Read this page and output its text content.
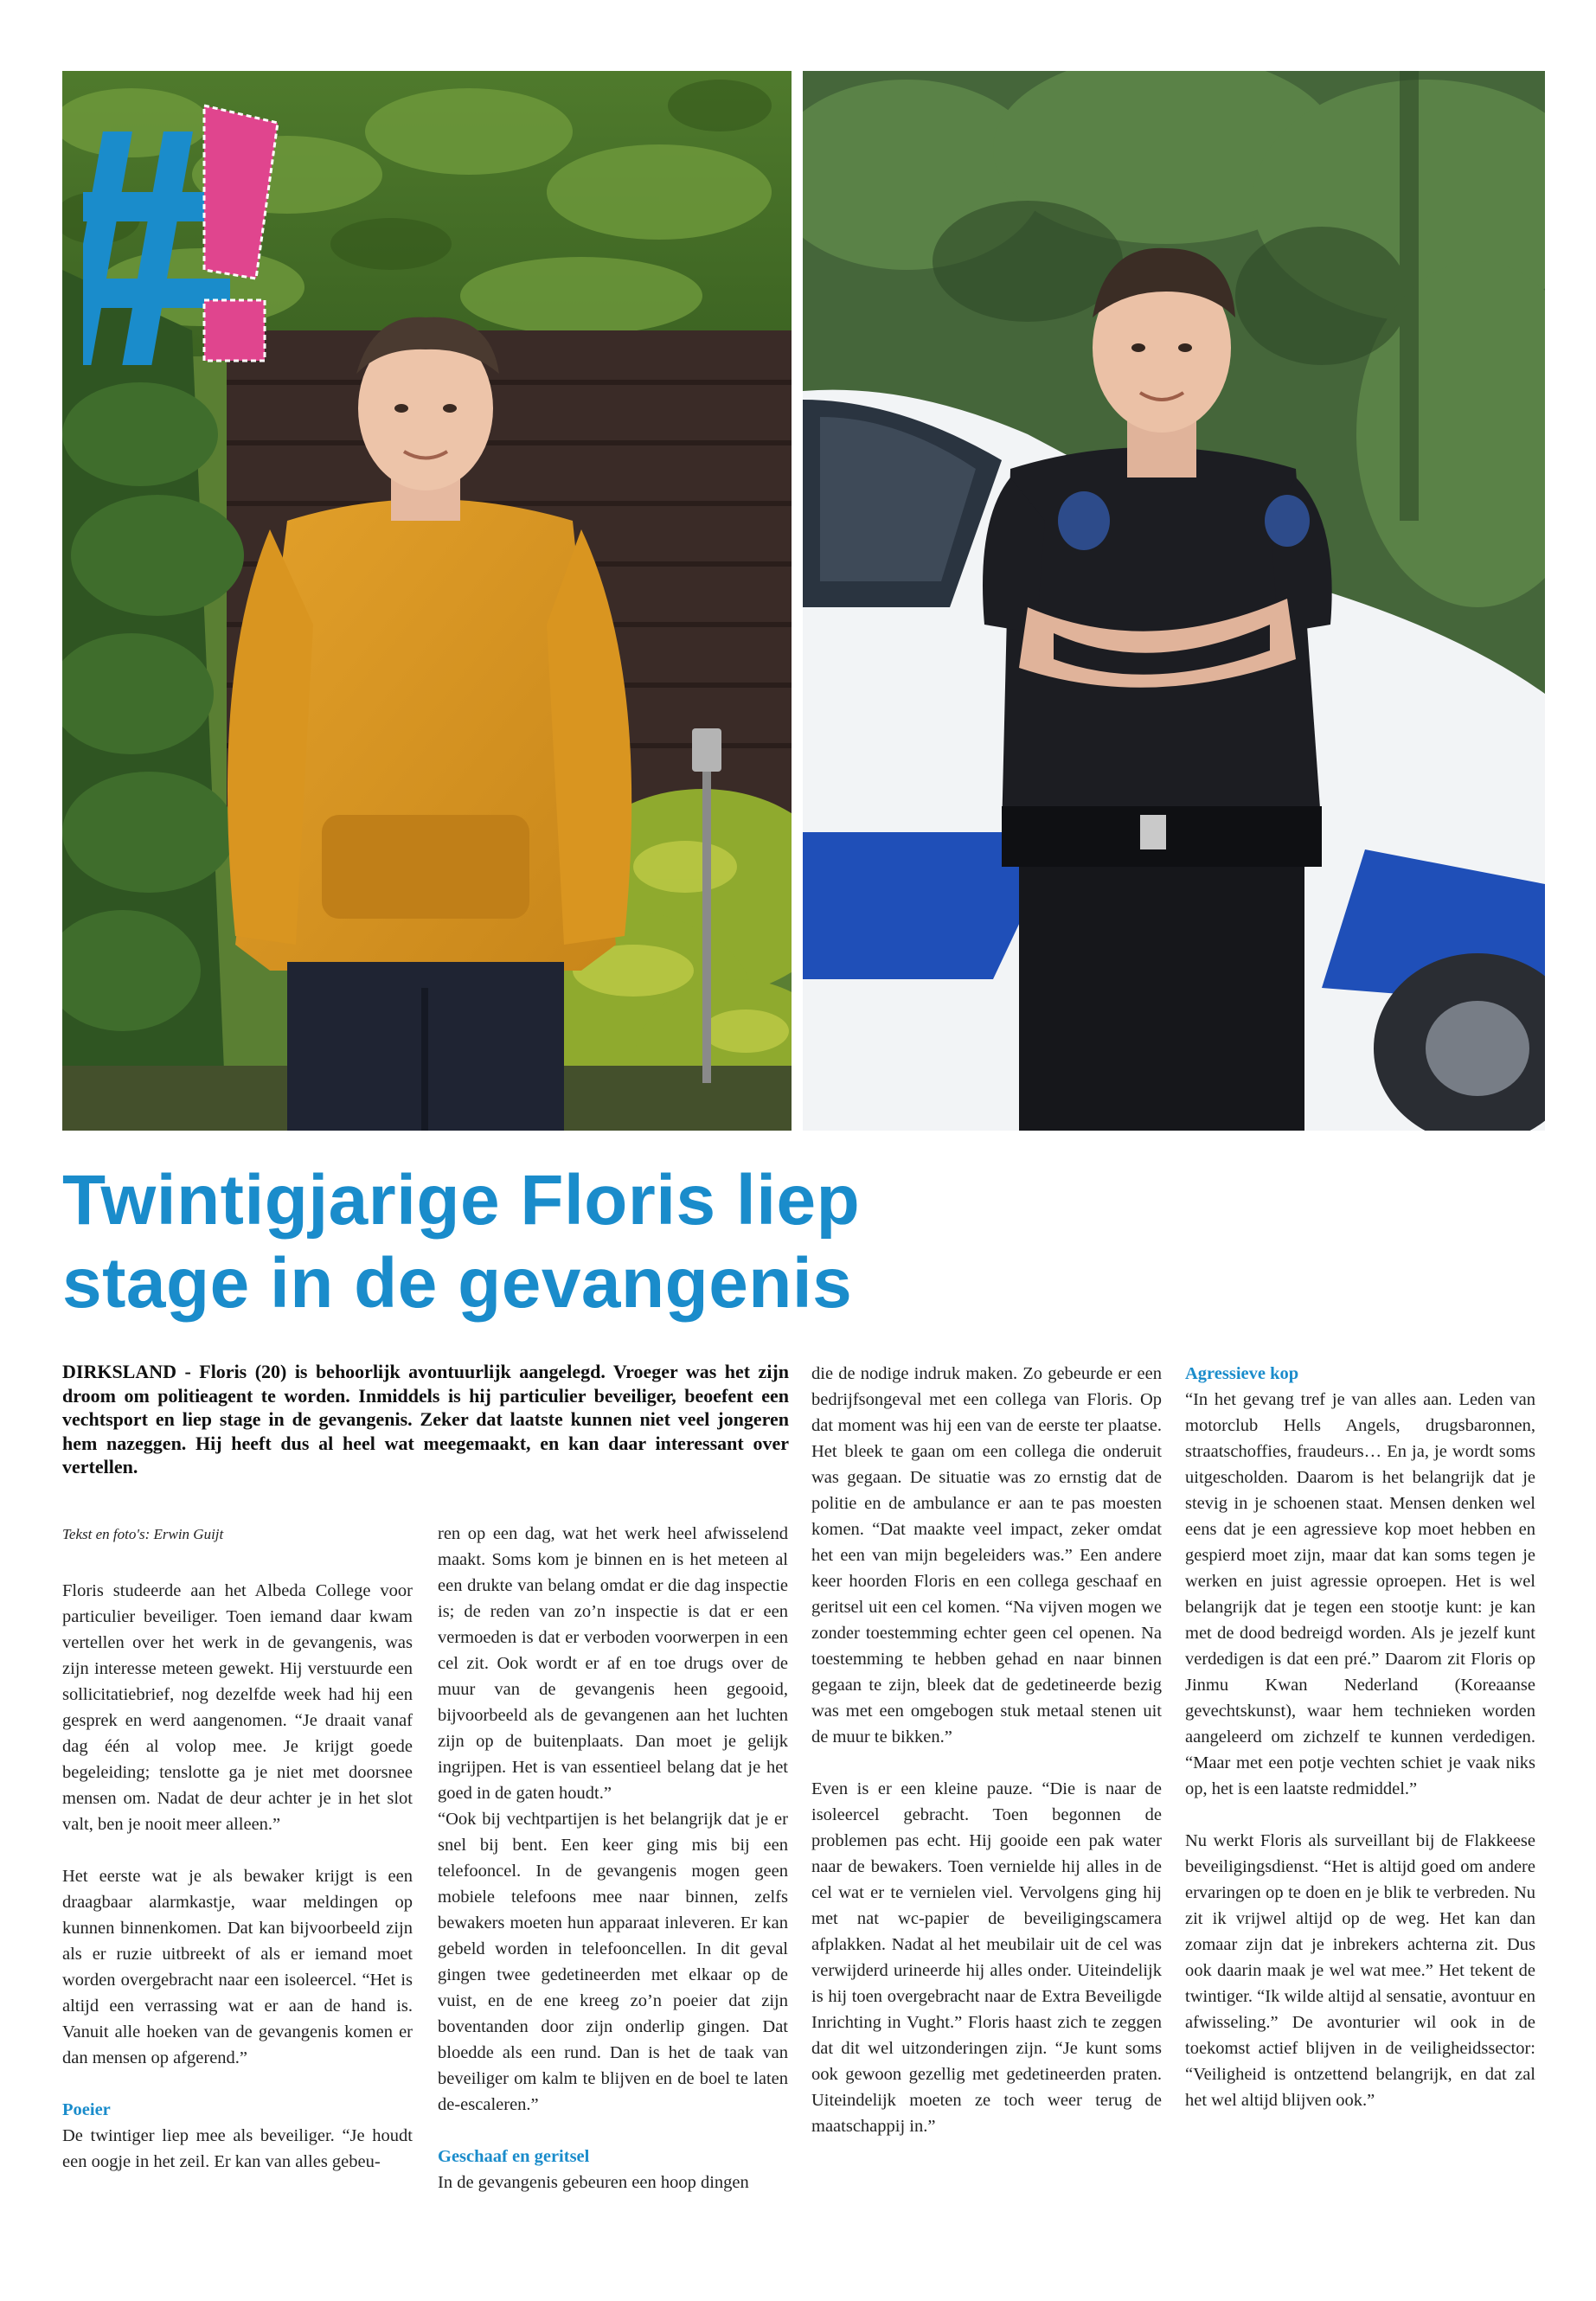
Twintigjarige Floris liep
stage in de gevangenis

DIRKSLAND - Floris (20) is behoorlijk avontuurlijk aangelegd. Vroeger was het zijn droom om politieagent te worden. Inmiddels is hij particulier beveiliger, beoefent een vechtsport en liep stage in de gevangenis. Zeker dat laatste kunnen niet veel jongeren hem nazeggen. Hij heeft dus al heel wat meegemaakt, en kan daar interessant over vertellen.

Tekst en foto's: Erwin Guijt

Floris studeerde aan het Albeda College voor particulier beveiliger. Toen iemand daar kwam vertellen over het werk in de gevangenis, was zijn interesse meteen gewekt. Hij verstuurde een sollicitatiebrief, nog dezelfde week had hij een gesprek en werd aangenomen. “Je draait vanaf dag één al volop mee. Je krijgt goede begeleiding; tenslotte ga je niet met doorsnee mensen om. Nadat de deur achter je in het slot valt, ben je nooit meer alleen.”

Het eerste wat je als bewaker krijgt is een draagbaar alarmkastje, waar meldingen op kunnen binnenkomen. Dat kan bijvoorbeeld zijn als er ruzie uitbreekt of als er iemand moet worden overgebracht naar een isoleercel. “Het is altijd een verrassing wat er aan de hand is. Vanuit alle hoeken van de gevangenis komen er dan mensen op afgerend.”

Poeier

De twintiger liep mee als beveiliger. “Je houdt een oogje in het zeil. Er kan van alles gebeu-

ren op een dag, wat het werk heel afwisselend maakt. Soms kom je binnen en is het meteen al een drukte van belang omdat er die dag inspectie is; de reden van zo’n inspectie is dat er een vermoeden is dat er verboden voorwerpen in een cel zit. Ook wordt er af en toe drugs over de muur van de gevangenis heen gegooid, bijvoorbeeld als de gevangenen aan het luchten zijn op de buitenplaats. Dan moet je gelijk ingrijpen. Het is van essentieel belang dat je het goed in de gaten houdt.”

“Ook bij vechtpartijen is het belangrijk dat je er snel bij bent. Een keer ging mis bij een telefooncel. In de gevangenis mogen geen mobiele telefoons mee naar binnen, zelfs bewakers moeten hun apparaat inleveren. Er kan gebeld worden in telefooncellen. In dit geval gingen twee gedetineerden met elkaar op de vuist, en de ene kreeg zo’n poeier dat zijn boventanden door zijn onderlip gingen. Dat bloedde als een rund. Dan is het de taak van beveiliger om kalm te blijven en de boel te laten de-escaleren.”

Geschaaf en geritsel

In de gevangenis gebeuren een hoop dingen

die de nodige indruk maken. Zo gebeurde er een bedrijfsongeval met een collega van Floris. Op dat moment was hij een van de eerste ter plaatse. Het bleek te gaan om een collega die onderuit was gegaan. De situatie was zo ernstig dat de politie en de ambulance er aan te pas moesten komen. “Dat maakte veel impact, zeker omdat het een van mijn begeleiders was.” Een andere keer hoorden Floris en een collega geschaaf en geritsel uit een cel komen. “Na vijven mogen we zonder toestemming echter geen cel openen. Na toestemming te hebben gehad en naar binnen gegaan te zijn, bleek dat de gedetineerde bezig was met een omgebogen stuk metaal stenen uit de muur te bikken.”

Even is er een kleine pauze. “Die is naar de isoleercel gebracht. Toen begonnen de problemen pas echt. Hij gooide een pak water naar de bewakers. Toen vernielde hij alles in de cel wat er te vernielen viel. Vervolgens ging hij met nat wc-papier de beveiligingscamera afplakken. Nadat al het meubilair uit de cel was verwijderd urineerde hij alles onder. Uiteindelijk is hij toen overgebracht naar de Extra Beveiligde Inrichting in Vught.” Floris haast zich te zeggen dat dit wel uitzonderingen zijn. “Je kunt soms ook gewoon gezellig met gedetineerden praten. Uiteindelijk moeten ze toch weer terug de maatschappij in.”

Agressieve kop

“In het gevang tref je van alles aan. Leden van motorclub Hells Angels, drugsbaronnen, straatschoffies, fraudeurs… En ja, je wordt soms uitgescholden. Daarom is het belangrijk dat je stevig in je schoenen staat. Mensen denken wel eens dat je een agressieve kop moet hebben en gespierd moet zijn, maar dat kan soms tegen je werken en juist agressie oproepen. Het is wel belangrijk dat je tegen een stootje kunt: je kan met de dood bedreigd worden. Als je jezelf kunt verdedigen is dat een pré.” Daarom zit Floris op Jinmu Kwan Nederland (Koreaanse gevechtskunst), waar hem technieken worden aangeleerd om zichzelf te kunnen verdedigen. “Maar met een potje vechten schiet je vaak niks op, het is een laatste redmiddel.”

Nu werkt Floris als surveillant bij de Flakkeese beveiligingsdienst. “Het is altijd goed om andere ervaringen op te doen en je blik te verbreden. Nu zit ik vrijwel altijd op de weg. Het kan dan zomaar zijn dat je inbrekers achterna zit. Dus ook daarin maak je wel wat mee.” Het tekent de twintiger. “Ik wilde altijd al sensatie, avontuur en afwisseling.” De avonturier wil ook in de toekomst actief blijven in de veiligheidssector: “Veiligheid is ontzettend belangrijk, en dat zal het wel altijd blijven ook.”
